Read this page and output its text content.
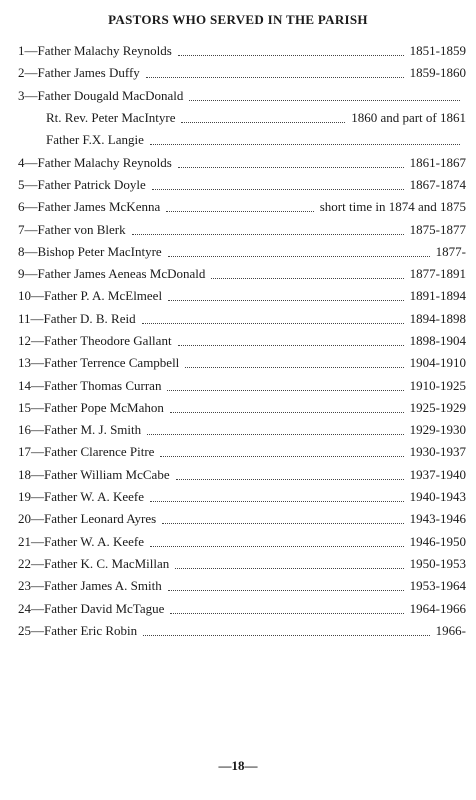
PASTORS WHO SERVED IN THE PARISH
1—Father Malachy Reynolds	1851-1859
2—Father James Duffy	1859-1860
3—Father Dougald MacDonald
Rt. Rev. Peter MacIntyre	1860 and part of 1861
Father F.X. Langie
4—Father Malachy Reynolds	1861-1867
5—Father Patrick Doyle	1867-1874
6—Father James McKenna	short time in 1874 and 1875
7—Father von Blerk	1875-1877
8—Bishop Peter MacIntyre	1877-
9—Father James Aeneas McDonald	1877-1891
10—Father P. A. McElmeel	1891-1894
11—Father D. B. Reid	1894-1898
12—Father Theodore Gallant	1898-1904
13—Father Terrence Campbell	1904-1910
14—Father Thomas Curran	1910-1925
15—Father Pope McMahon	1925-1929
16—Father M. J. Smith	1929-1930
17—Father Clarence Pitre	1930-1937
18—Father William McCabe	1937-1940
19—Father W. A. Keefe	1940-1943
20—Father Leonard Ayres	1943-1946
21—Father W. A. Keefe	1946-1950
22—Father K. C. MacMillan	1950-1953
23—Father James A. Smith	1953-1964
24—Father David McTague	1964-1966
25—Father Eric Robin	1966-
—18—
